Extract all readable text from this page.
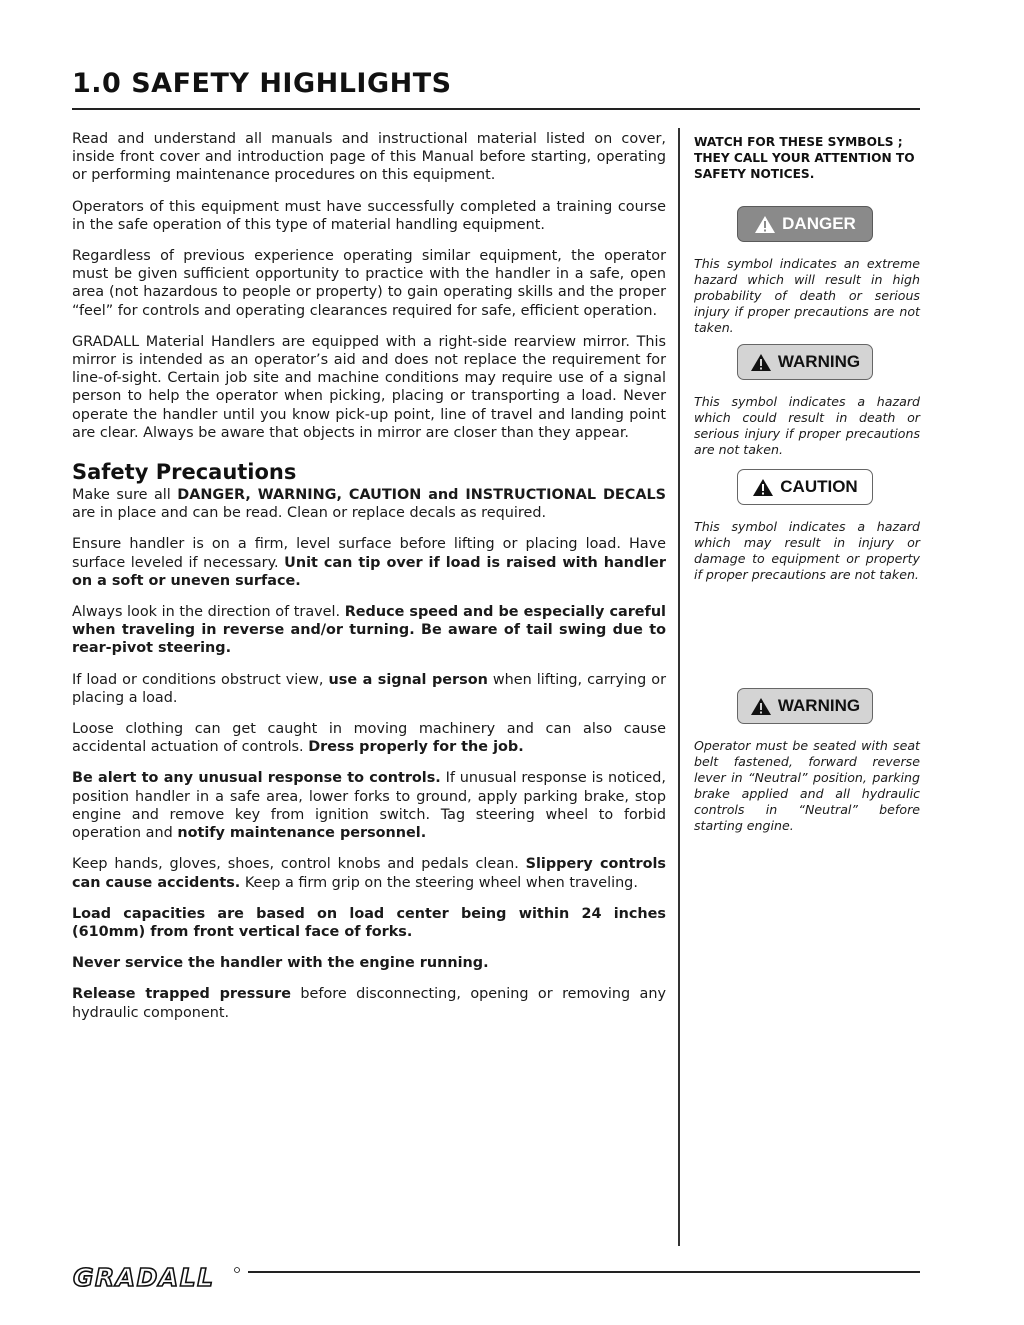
1.0 SAFETY HIGHLIGHTS

Read and understand all manuals and instructional material listed on cover, inside front cover and introduction page of this Manual before starting, operating or performing maintenance procedures on this equipment.

Operators of this equipment must have successfully completed a training course in the safe operation of this type of material handling equipment.

Regardless of previous experience operating similar equipment, the operator must be given sufficient opportunity to practice with the handler in a safe, open area (not hazardous to people or property) to gain operating skills and the proper “feel” for controls and operating clearances required for safe, efficient operation.

GRADALL Material Handlers are equipped with a right-side rearview mirror. This mirror is intended as an operator’s aid and does not replace the requirement for line-of-sight. Certain job site and machine conditions may require use of a signal person to help the operator when picking, placing or transporting a load. Never operate the handler until you know pick-up point, line of travel and landing point are clear. Always be aware that objects in mirror are closer than they appear.

Safety Precautions

Make sure all DANGER, WARNING, CAUTION and INSTRUCTIONAL DECALS are in place and can be read. Clean or replace decals as required.

Ensure handler is on a firm, level surface before lifting or placing load. Have surface leveled if necessary. Unit can tip over if load is raised with handler on a soft or uneven surface.

Always look in the direction of travel. Reduce speed and be especially careful when traveling in reverse and/or turning. Be aware of tail swing due to rear-pivot steering.

If load or conditions obstruct view, use a signal person when lifting, carrying or placing a load.

Loose clothing can get caught in moving machinery and can also cause accidental actuation of controls. Dress properly for the job.

Be alert to any unusual response to controls. If unusual response is noticed, position handler in a safe area, lower forks to ground, apply parking brake, stop engine and remove key from ignition switch. Tag steering wheel to forbid operation and notify maintenance personnel.

Keep hands, gloves, shoes, control knobs and pedals clean. Slippery controls can cause accidents. Keep a firm grip on the steering wheel when traveling.

Load capacities are based on load center being within 24 inches (610mm) from front vertical face of forks.

Never service the handler with the engine running.

Release trapped pressure before disconnecting, opening or removing any hydraulic component.

WATCH FOR THESE SYMBOLS ; THEY CALL YOUR ATTENTION TO SAFETY NOTICES.

DANGER

This symbol indicates an extreme hazard which will result in high probability of death or serious injury if proper precautions are not taken.

WARNING

This symbol indicates a hazard which could result in death or serious injury if proper precautions are not taken.

CAUTION

This symbol indicates a hazard which may result in injury or damage to equipment or property if proper precautions are not taken.

WARNING

Operator must be seated with seat belt fastened, forward reverse lever in “Neutral” position, parking brake applied and all hydraulic controls in “Neutral” before starting engine.

GRADALL
